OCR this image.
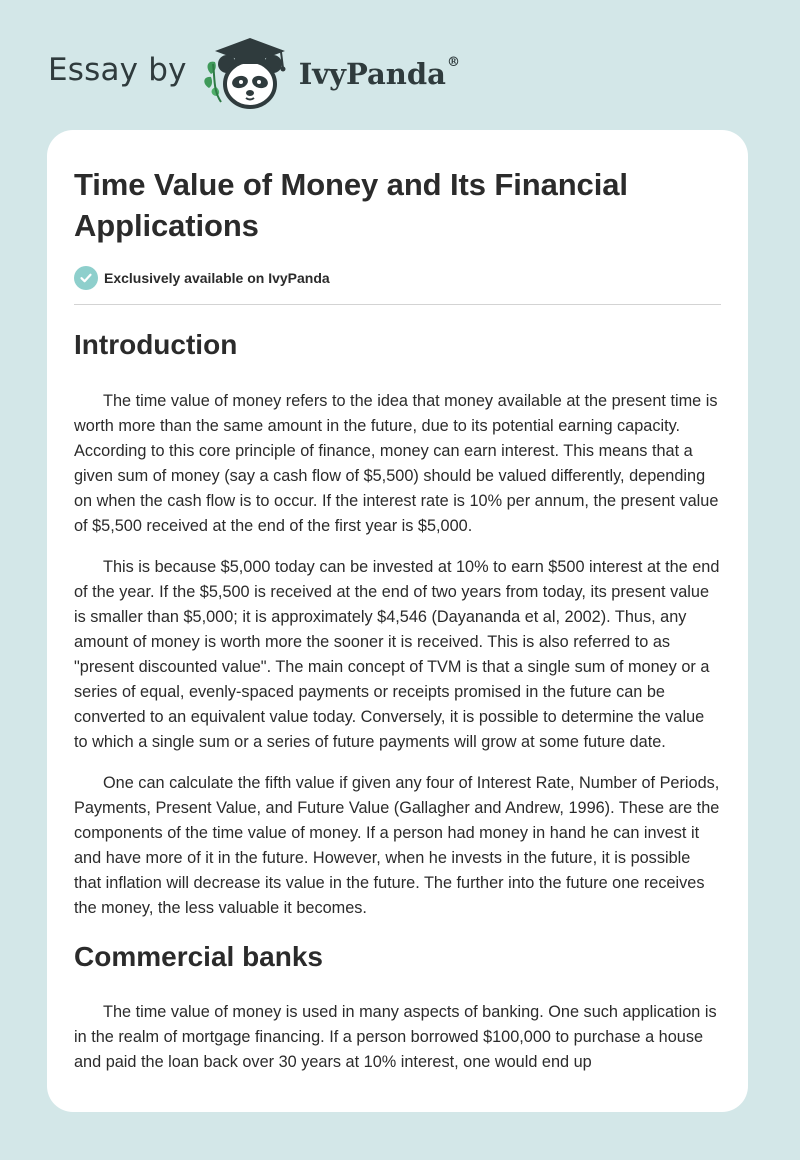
Essay by	IvyPanda®
Time Value of Money and Its Financial Applications
Exclusively available on IvyPanda
Introduction

The time value of money refers to the idea that money available at the present time is worth more than the same amount in the future, due to its potential earning capacity. According to this core principle of finance, money can earn interest. This means that a given sum of money (say a cash flow of $5,500) should be valued differently, depending on when the cash flow is to occur. If the interest rate is 10% per annum, the present value of $5,500 received at the end of the first year is $5,000.

This is because $5,000 today can be invested at 10% to earn $500 interest at the end of the year. If the $5,500 is received at the end of two years from today, its present value is smaller than $5,000; it is approximately $4,546 (Dayananda et al, 2002). Thus, any amount of money is worth more the sooner it is received. This is also referred to as "present discounted value". The main concept of TVM is that a single sum of money or a series of equal, evenly-spaced payments or receipts promised in the future can be converted to an equivalent value today. Conversely, it is possible to determine the value to which a single sum or a series of future payments will grow at some future date.

One can calculate the fifth value if given any four of Interest Rate, Number of Periods, Payments, Present Value, and Future Value (Gallagher and Andrew, 1996). These are the components of the time value of money. If a person had money in hand he can invest it and have more of it in the future. However, when he invests in the future, it is possible that inflation will decrease its value in the future. The further into the future one receives the money, the less valuable it becomes.

Commercial banks

The time value of money is used in many aspects of banking. One such application is in the realm of mortgage financing. If a person borrowed $100,000 to purchase a house and paid the loan back over 30 years at 10% interest, one would end up
